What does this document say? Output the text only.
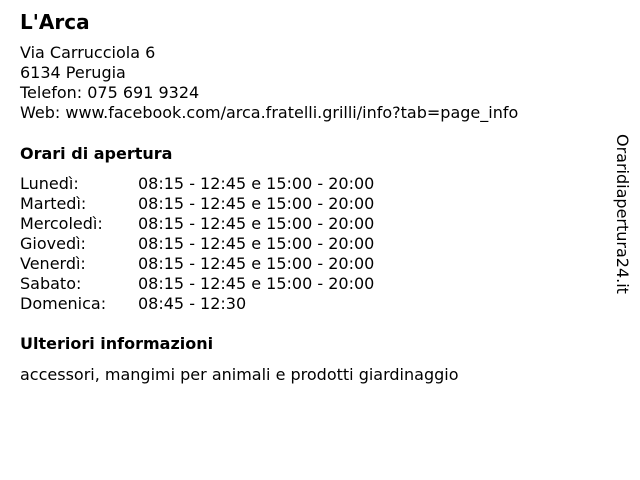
L'Arca
Via Carrucciola 6
6134 Perugia
Telefon: 075 691 9324
Web: www.facebook.com/arca.fratelli.grilli/info?tab=page_info
Orari di apertura
Lunedì:	08:15 - 12:45 e 15:00 - 20:00
Martedì:	08:15 - 12:45 e 15:00 - 20:00
Mercoledì: 08:15 - 12:45 e 15:00 - 20:00
Giovedì:	08:15 - 12:45 e 15:00 - 20:00
Venerdì:	08:15 - 12:45 e 15:00 - 20:00
Sabato:	08:15 - 12:45 e 15:00 - 20:00
Domenica: 08:45 - 12:30
Ulteriori informazioni
accessori, mangimi per animali e prodotti giardinaggio
Oraridiapertura24.it
